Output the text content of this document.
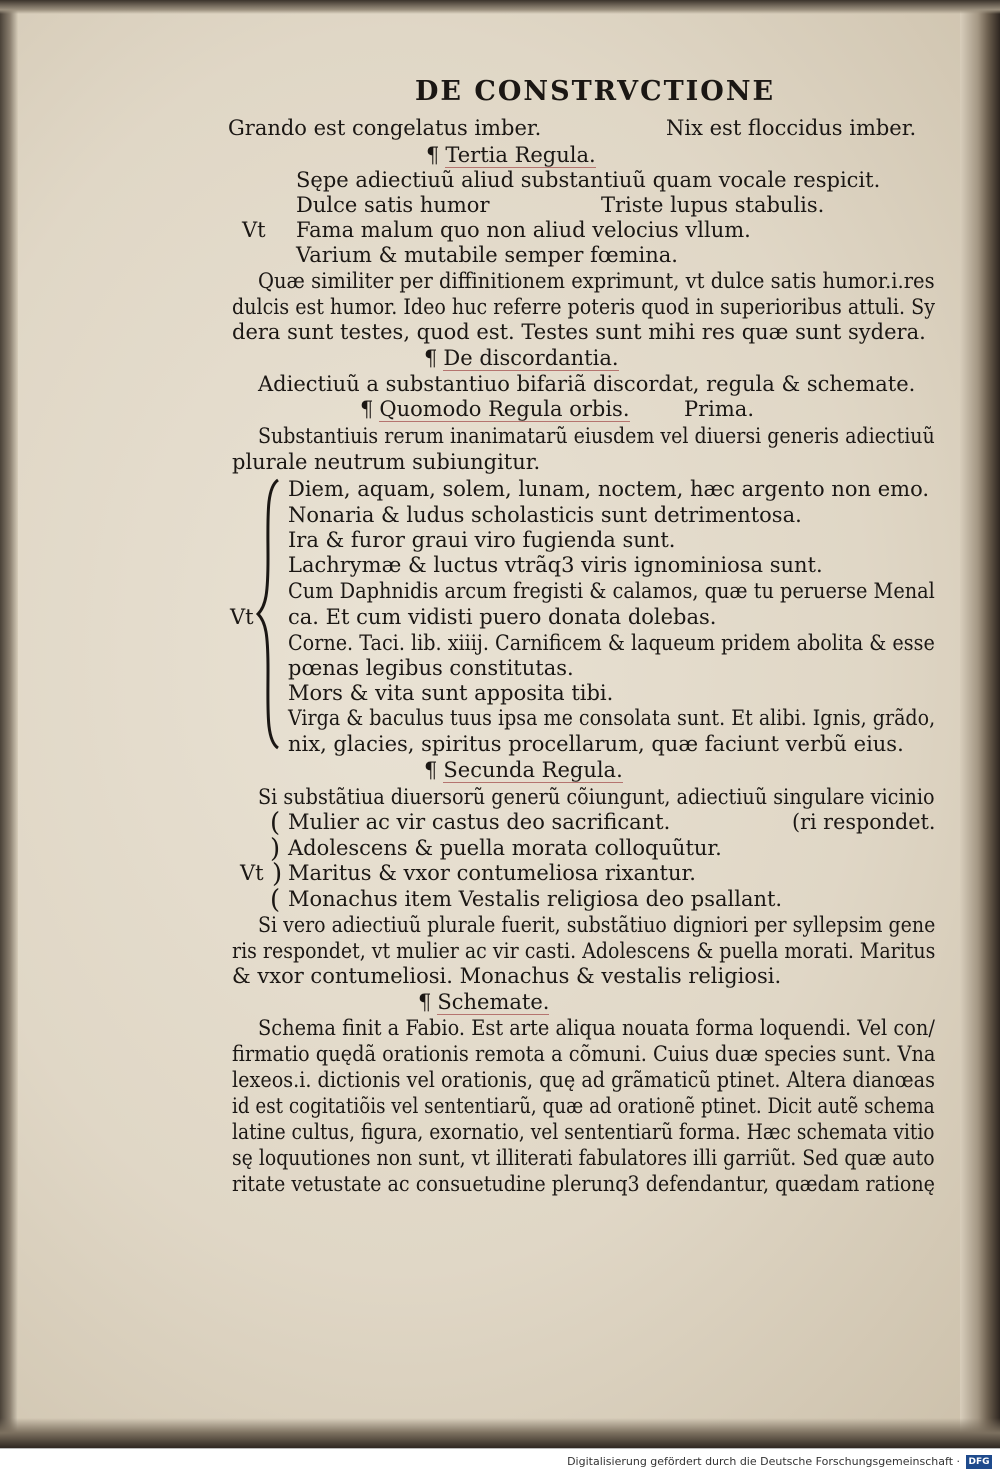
DE CONSTRVCTIONE
Grando est congelatus imber.	Nix est floccidus imber.
¶ Tertia Regula.
Sępe adiectiuũ aliud substantiuũ quam vocale respicit.
Dulce satis humor	Triste lupus stabulis.
Vt Fama malum quo non aliud velocius vllum.
Varium & mutabile semper fœmina.
Quæ similiter per diffinitionem exprimunt, vt dulce satis humor.i.res
dulcis est humor. Ideo huc referre poteris quod in superioribus attuli. Sy
dera sunt testes, quod est. Testes sunt mihi res quæ sunt sydera.
¶ De discordantia.
Adiectiuũ a substantiuo bifariã discordat, regula & schemate.
¶ Quomodo Regula orbis.	Prima.
Substantiuis rerum inanimatarũ eiusdem vel diuersi generis adiectiuũ
plurale neutrum subiungitur.
Diem, aquam, solem, lunam, noctem, hæc argento non emo.
Nonaria & ludus scholasticis sunt detrimentosa.
Ira & furor graui viro fugienda sunt.
Lachrymæ & luctus vtrãq3 viris ignominiosa sunt.
Cum Daphnidis arcum fregisti & calamos, quæ tu peruerse Menal
Vt ca. Et cum vidisti puero donata dolebas.
Corne. Taci. lib. xiiij. Carnificem & laqueum pridem abolita & esse
pœnas legibus constitutas.
Mors & vita sunt apposita tibi.
Virga & baculus tuus ipsa me consolata sunt. Et alibi. Ignis, grãdo,
nix, glacies, spiritus procellarum, quæ faciunt verbũ eius.
¶ Secunda Regula.
Si substãtiua diuersorũ generũ cõiungunt, adiectiuũ singulare vicinio
( Mulier ac vir castus deo sacrificant.	(ri respondet.
) Adolescens & puella morata colloquũtur.
Vt ) Maritus & vxor contumeliosa rixantur.
( Monachus item Vestalis religiosa deo psallant.
Si vero adiectiuũ plurale fuerit, substãtiuo digniori per syllepsim gene
ris respondet, vt mulier ac vir casti. Adolescens & puella morati. Maritus
& vxor contumeliosi. Monachus & vestalis religiosi.
¶ Schemate.
Schema finit a Fabio. Est arte aliqua nouata forma loquendi. Vel con/
firmatio quędã orationis remota a cõmuni. Cuius duæ species sunt. Vna
lexeos.i. dictionis vel orationis, quę ad grãmaticũ ptinet. Altera dianœas
id est cogitatiõis vel sententiarũ, quæ ad orationẽ ptinet. Dicit autẽ schema
latine cultus, figura, exornatio, vel sententiarũ forma. Hæc schemata vitio
sę loquutiones non sunt, vt illiterati fabulatores illi garriũt. Sed quæ auto
ritate vetustate ac consuetudine plerunq3 defendantur, quædam rationę
Digitalisierung gefördert durch die Deutsche Forschungsgemeinschaft · DFG
